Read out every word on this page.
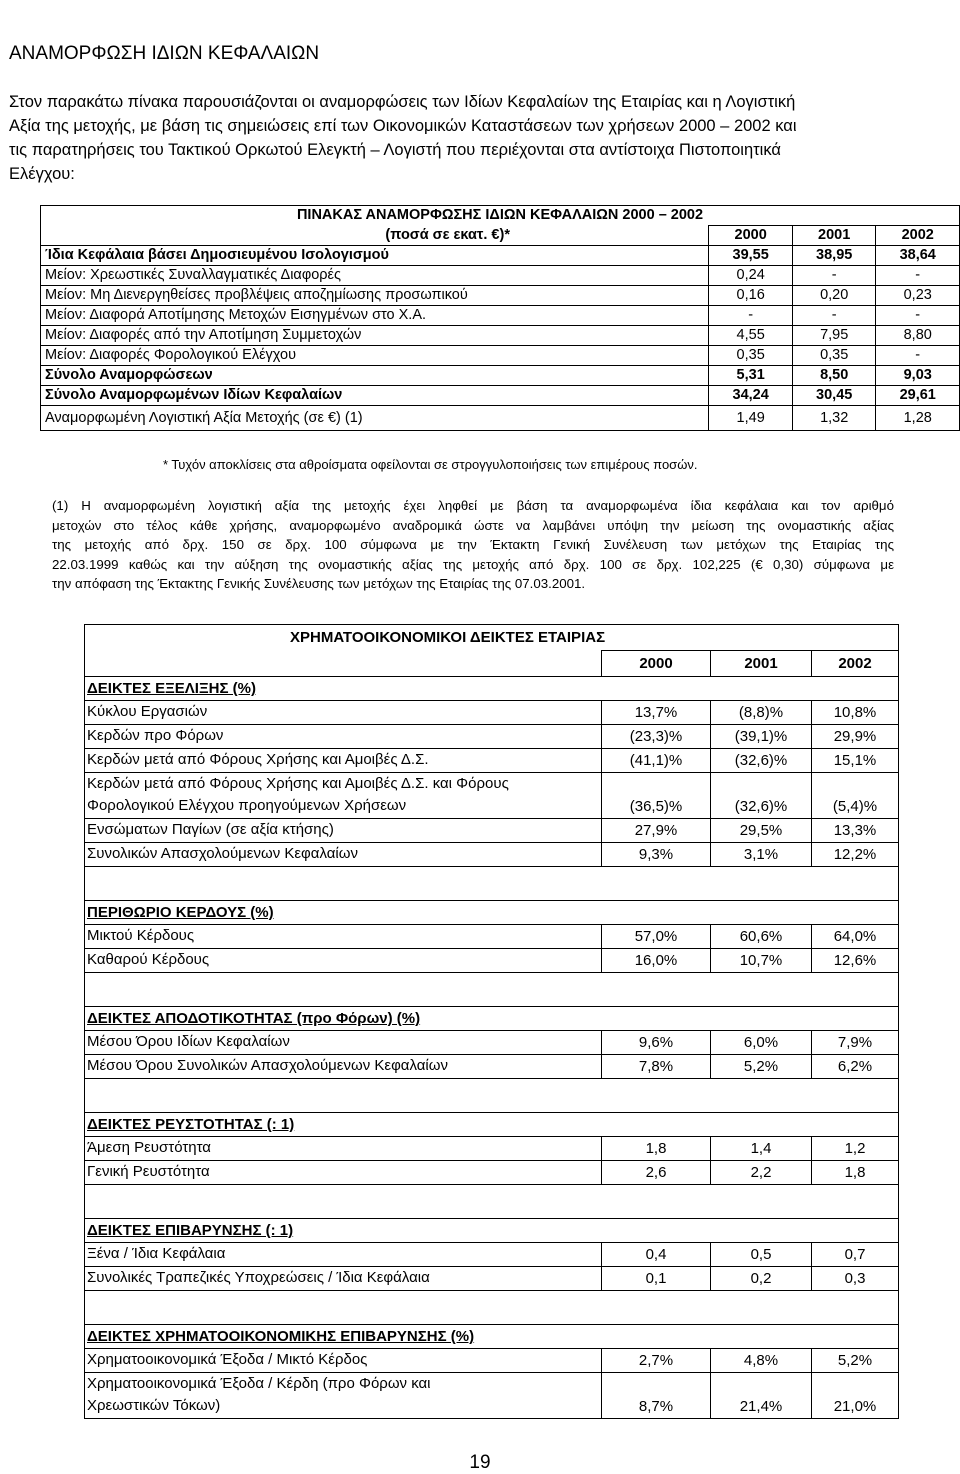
ΑΝΑΜΟΡΦΩΣΗ ΙΔΙΩΝ ΚΕΦΑΛΑΙΩΝ
Στον παρακάτω πίνακα παρουσιάζονται οι αναμορφώσεις των Ιδίων Κεφαλαίων της Εταιρίας και η Λογιστική
Αξία της μετοχής, με βάση τις σημειώσεις επί των Οικονομικών Καταστάσεων των χρήσεων 2000 – 2002 και
τις παρατηρήσεις του Τακτικού Ορκωτού Ελεγκτή – Λογιστή που περιέχονται στα αντίστοιχα Πιστοποιητικά
Ελέγχου:
ΠΙΝΑΚΑΣ ΑΝΑΜΟΡΦΩΣΗΣ ΙΔΙΩΝ ΚΕΦΑΛΑΙΩΝ 2000 – 2002			
(ποσά σε εκατ. €)*	2000	2001	2002
Ίδια Κεφάλαια βάσει Δημοσιευμένου Ισολογισμού	39,55	38,95	38,64
Μείον: Χρεωστικές Συναλλαγματικές Διαφορές	0,24	-	-
Μείον: Μη Διενεργηθείσες προβλέψεις αποζημίωσης προσωπικού	0,16	0,20	0,23
Μείον: Διαφορά Αποτίμησης Μετοχών Εισηγμένων στο Χ.Α.	-	-	-
Μείον: Διαφορές από την Αποτίμηση Συμμετοχών	4,55	7,95	8,80
Μείον: Διαφορές Φορολογικού Ελέγχου	0,35	0,35	-
Σύνολο Αναμορφώσεων	5,31	8,50	9,03
Σύνολο Αναμορφωμένων Ιδίων Κεφαλαίων	34,24	30,45	29,61
Αναμορφωμένη Λογιστική Αξία Μετοχής (σε €) (1)	1,49	1,32	1,28
* Τυχόν αποκλίσεις στα αθροίσματα οφείλονται σε στρογγυλοποιήσεις των επιμέρους ποσών.
(1) Η αναμορφωμένη λογιστική αξία της μετοχής έχει ληφθεί με βάση τα αναμορφωμένα ίδια κεφάλαια και τον αριθμό
μετοχών στο τέλος κάθε χρήσης, αναμορφωμένο αναδρομικά ώστε να λαμβάνει υπόψη την μείωση της ονομαστικής αξίας
της μετοχής από δρχ. 150 σε δρχ. 100 σύμφωνα με την Έκτακτη Γενική Συνέλευση των μετόχων της Εταιρίας της
22.03.1999 καθώς και την αύξηση της ονομαστικής αξίας της μετοχής από δρχ. 100 σε δρχ. 102,225 (€ 0,30) σύμφωνα με
την απόφαση της Έκτακτης Γενικής Συνέλευσης των μετόχων της Εταιρίας της 07.03.2001.
ΧΡΗΜΑΤΟΟΙΚΟΝΟΜΙΚΟΙ ΔΕΙΚΤΕΣ ΕΤΑΙΡΙΑΣ			
	2000	2001	2002
ΔΕΙΚΤΕΣ ΕΞΕΛΙΞΗΣ (%)			

Κύκλου Εργασιών	13,7%	(8,8)%	10,8%

Κερδών προ Φόρων	(23,3)%	(39,1)%	29,9%

Κερδών μετά από Φόρους Χρήσης και Αμοιβές Δ.Σ.	(41,1)%	(32,6)%	15,1%

Κερδών μετά από Φόρους Χρήσης και Αμοιβές Δ.Σ. και Φόρους
Φορολογικού Ελέγχου προηγούμενων Χρήσεων	(36,5)%	(32,6)%	(5,4)%

Ενσώματων Παγίων (σε αξία κτήσης)	27,9%	29,5%	13,3%

Συνολικών Απασχολούμενων Κεφαλαίων	9,3%	3,1%	12,2%

ΠΕΡΙΘΩΡΙΟ ΚΕΡΔΟΥΣ (%)			

Μικτού Κέρδους	57,0%	60,6%	64,0%

Καθαρού Κέρδους	16,0%	10,7%	12,6%

ΔΕΙΚΤΕΣ ΑΠΟΔΟΤΙΚΟΤΗΤΑΣ (προ Φόρων) (%)			

Μέσου Όρου Ιδίων Κεφαλαίων	9,6%	6,0%	7,9%

Μέσου Όρου Συνολικών Απασχολούμενων Κεφαλαίων	7,8%	5,2%	6,2%

ΔΕΙΚΤΕΣ ΡΕΥΣΤΟΤΗΤΑΣ (: 1)			

Άμεση Ρευστότητα	1,8	1,4	1,2

Γενική Ρευστότητα	2,6	2,2	1,8

ΔΕΙΚΤΕΣ ΕΠΙΒΑΡΥΝΣΗΣ (: 1)			

Ξένα / Ίδια Κεφάλαια	0,4	0,5	0,7

Συνολικές Τραπεζικές Υποχρεώσεις / Ίδια Κεφάλαια	0,1	0,2	0,3

ΔΕΙΚΤΕΣ ΧΡΗΜΑΤΟΟΙΚΟΝΟΜΙΚΗΣ ΕΠΙΒΑΡΥΝΣΗΣ (%)			

Χρηματοοικονομικά Έξοδα / Μικτό Κέρδος	2,7%	4,8%	5,2%

Χρηματοοικονομικά Έξοδα / Κέρδη (προ Φόρων και
Χρεωστικών Τόκων)	8,7%	21,4%	21,0%
19
